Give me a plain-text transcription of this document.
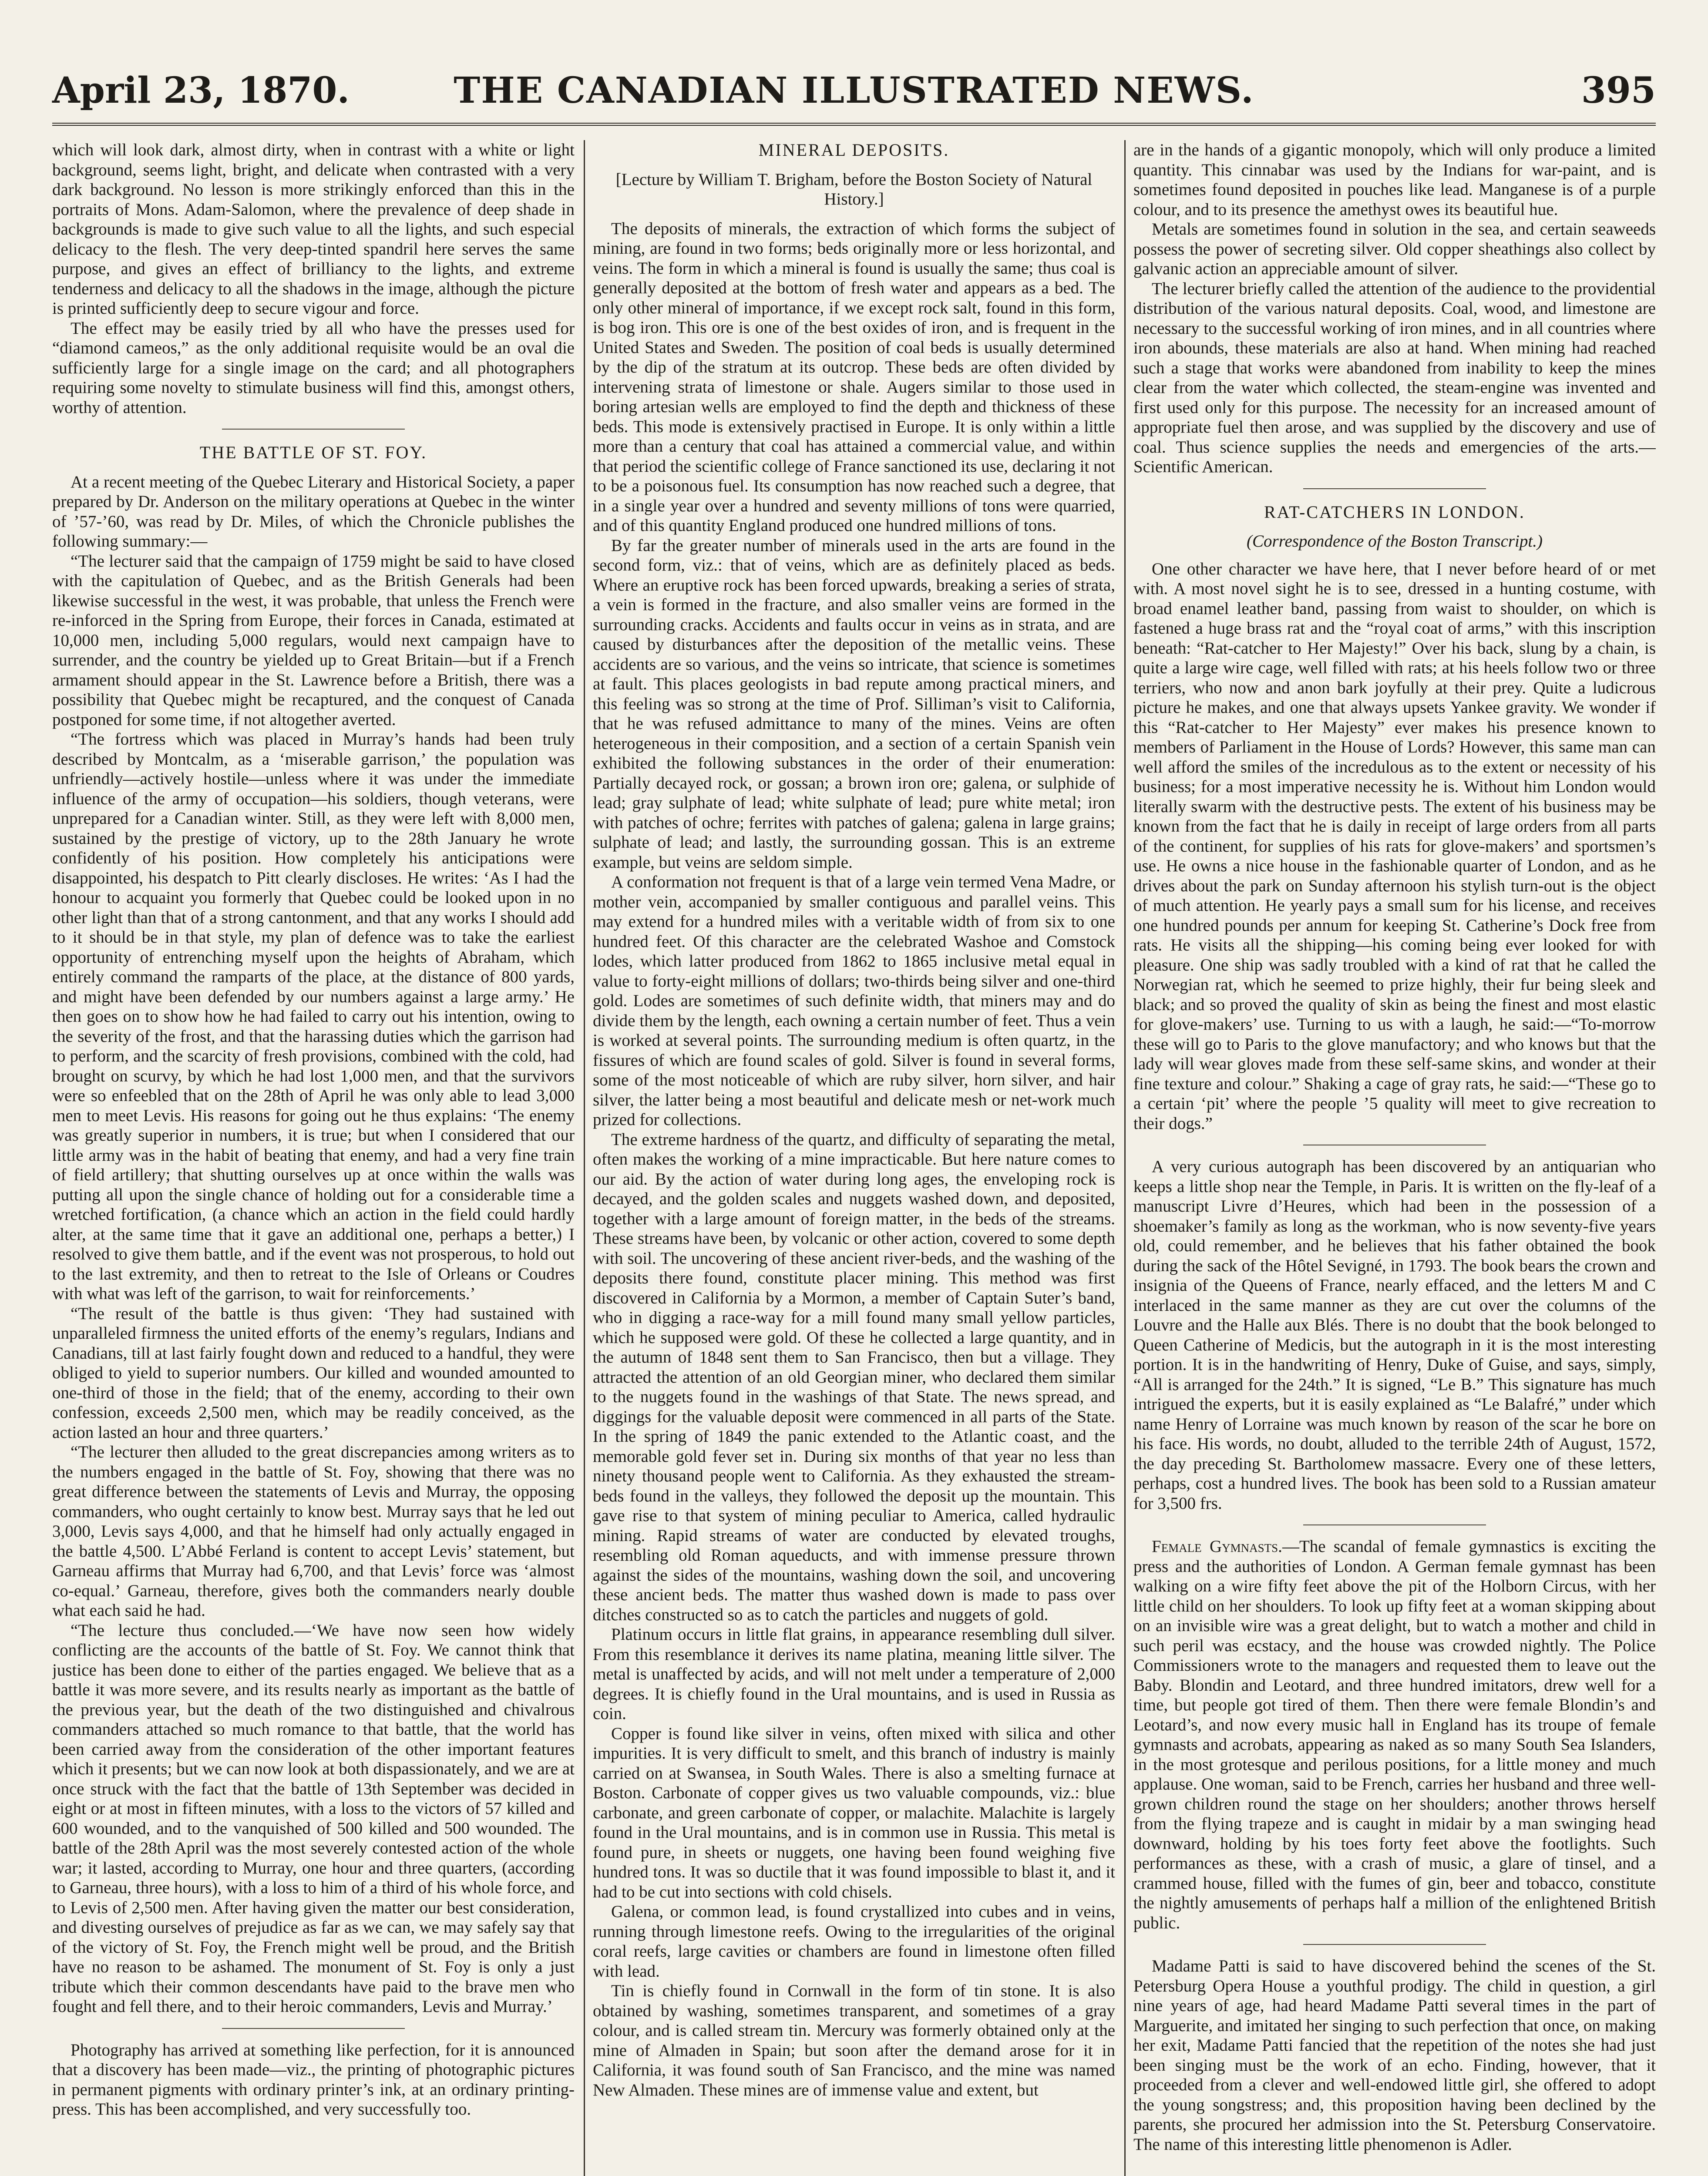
April 23, 1870.	THE CANADIAN ILLUSTRATED NEWS.	395

which will look dark, almost dirty, when in contrast with a white or light background, seems light, bright, and delicate when contrasted with a very dark background. No lesson is more strikingly enforced than this in the portraits of Mons. Adam-Salomon, where the prevalence of deep shade in backgrounds is made to give such value to all the lights, and such especial delicacy to the flesh. The very deep-tinted spandril here serves the same purpose, and gives an effect of brilliancy to the lights, and extreme tenderness and delicacy to all the shadows in the image, although the picture is printed sufficiently deep to secure vigour and force.

The effect may be easily tried by all who have the presses used for “diamond cameos,” as the only additional requisite would be an oval die sufficiently large for a single image on the card; and all photographers requiring some novelty to stimulate business will find this, amongst others, worthy of attention.

THE BATTLE OF ST. FOY.

At a recent meeting of the Quebec Literary and Historical Society, a paper prepared by Dr. Anderson on the military operations at Quebec in the winter of ’57-’60, was read by Dr. Miles, of which the Chronicle publishes the following summary:—

“The lecturer said that the campaign of 1759 might be said to have closed with the capitulation of Quebec, and as the British Generals had been likewise successful in the west, it was probable, that unless the French were re-inforced in the Spring from Europe, their forces in Canada, estimated at 10,000 men, including 5,000 regulars, would next campaign have to surrender, and the country be yielded up to Great Britain—but if a French armament should appear in the St. Lawrence before a British, there was a possibility that Quebec might be recaptured, and the conquest of Canada postponed for some time, if not altogether averted.

“The fortress which was placed in Murray’s hands had been truly described by Montcalm, as a ‘miserable garrison,’ the population was unfriendly—actively hostile—unless where it was under the immediate influence of the army of occupation—his soldiers, though veterans, were unprepared for a Canadian winter. Still, as they were left with 8,000 men, sustained by the prestige of victory, up to the 28th January he wrote confidently of his position. How completely his anticipations were disappointed, his despatch to Pitt clearly discloses. He writes: ‘As I had the honour to acquaint you formerly that Quebec could be looked upon in no other light than that of a strong cantonment, and that any works I should add to it should be in that style, my plan of defence was to take the earliest opportunity of entrenching myself upon the heights of Abraham, which entirely command the ramparts of the place, at the distance of 800 yards, and might have been defended by our numbers against a large army.’ He then goes on to show how he had failed to carry out his intention, owing to the severity of the frost, and that the harassing duties which the garrison had to perform, and the scarcity of fresh provisions, combined with the cold, had brought on scurvy, by which he had lost 1,000 men, and that the survivors were so enfeebled that on the 28th of April he was only able to lead 3,000 men to meet Levis. His reasons for going out he thus explains: ‘The enemy was greatly superior in numbers, it is true; but when I considered that our little army was in the habit of beating that enemy, and had a very fine train of field artillery; that shutting ourselves up at once within the walls was putting all upon the single chance of holding out for a considerable time a wretched fortification, (a chance which an action in the field could hardly alter, at the same time that it gave an additional one, perhaps a better,) I resolved to give them battle, and if the event was not prosperous, to hold out to the last extremity, and then to retreat to the Isle of Orleans or Coudres with what was left of the garrison, to wait for reinforcements.’

“The result of the battle is thus given: ‘They had sustained with unparalleled firmness the united efforts of the enemy’s regulars, Indians and Canadians, till at last fairly fought down and reduced to a handful, they were obliged to yield to superior numbers. Our killed and wounded amounted to one-third of those in the field; that of the enemy, according to their own confession, exceeds 2,500 men, which may be readily conceived, as the action lasted an hour and three quarters.’

“The lecturer then alluded to the great discrepancies among writers as to the numbers engaged in the battle of St. Foy, showing that there was no great difference between the statements of Levis and Murray, the opposing commanders, who ought certainly to know best. Murray says that he led out 3,000, Levis says 4,000, and that he himself had only actually engaged in the battle 4,500. L’Abbé Ferland is content to accept Levis’ statement, but Garneau affirms that Murray had 6,700, and that Levis’ force was ‘almost co-equal.’ Garneau, therefore, gives both the commanders nearly double what each said he had.

“The lecture thus concluded.—‘We have now seen how widely conflicting are the accounts of the battle of St. Foy. We cannot think that justice has been done to either of the parties engaged. We believe that as a battle it was more severe, and its results nearly as important as the battle of the previous year, but the death of the two distinguished and chivalrous commanders attached so much romance to that battle, that the world has been carried away from the consideration of the other important features which it presents; but we can now look at both dispassionately, and we are at once struck with the fact that the battle of 13th September was decided in eight or at most in fifteen minutes, with a loss to the victors of 57 killed and 600 wounded, and to the vanquished of 500 killed and 500 wounded. The battle of the 28th April was the most severely contested action of the whole war; it lasted, according to Murray, one hour and three quarters, (according to Garneau, three hours), with a loss to him of a third of his whole force, and to Levis of 2,500 men. After having given the matter our best consideration, and divesting ourselves of prejudice as far as we can, we may safely say that of the victory of St. Foy, the French might well be proud, and the British have no reason to be ashamed. The monument of St. Foy is only a just tribute which their common descendants have paid to the brave men who fought and fell there, and to their heroic commanders, Levis and Murray.’

Photography has arrived at something like perfection, for it is announced that a discovery has been made—viz., the printing of photographic pictures in permanent pigments with ordinary printer’s ink, at an ordinary printing-press. This has been accomplished, and very successfully too.

MINERAL DEPOSITS.
[Lecture by William T. Brigham, before the Boston Society of Natural History.]

The deposits of minerals, the extraction of which forms the subject of mining, are found in two forms; beds originally more or less horizontal, and veins. The form in which a mineral is found is usually the same; thus coal is generally deposited at the bottom of fresh water and appears as a bed. The only other mineral of importance, if we except rock salt, found in this form, is bog iron. This ore is one of the best oxides of iron, and is frequent in the United States and Sweden. The position of coal beds is usually determined by the dip of the stratum at its outcrop. These beds are often divided by intervening strata of limestone or shale. Augers similar to those used in boring artesian wells are employed to find the depth and thickness of these beds. This mode is extensively practised in Europe. It is only within a little more than a century that coal has attained a commercial value, and within that period the scientific college of France sanctioned its use, declaring it not to be a poisonous fuel. Its consumption has now reached such a degree, that in a single year over a hundred and seventy millions of tons were quarried, and of this quantity England produced one hundred millions of tons.

By far the greater number of minerals used in the arts are found in the second form, viz.: that of veins, which are as definitely placed as beds. Where an eruptive rock has been forced upwards, breaking a series of strata, a vein is formed in the fracture, and also smaller veins are formed in the surrounding cracks. Accidents and faults occur in veins as in strata, and are caused by disturbances after the deposition of the metallic veins. These accidents are so various, and the veins so intricate, that science is sometimes at fault. This places geologists in bad repute among practical miners, and this feeling was so strong at the time of Prof. Silliman’s visit to California, that he was refused admittance to many of the mines. Veins are often heterogeneous in their composition, and a section of a certain Spanish vein exhibited the following substances in the order of their enumeration: Partially decayed rock, or gossan; a brown iron ore; galena, or sulphide of lead; gray sulphate of lead; white sulphate of lead; pure white metal; iron with patches of ochre; ferrites with patches of galena; galena in large grains; sulphate of lead; and lastly, the surrounding gossan. This is an extreme example, but veins are seldom simple.

A conformation not frequent is that of a large vein termed Vena Madre, or mother vein, accompanied by smaller contiguous and parallel veins. This may extend for a hundred miles with a veritable width of from six to one hundred feet. Of this character are the celebrated Washoe and Comstock lodes, which latter produced from 1862 to 1865 inclusive metal equal in value to forty-eight millions of dollars; two-thirds being silver and one-third gold. Lodes are sometimes of such definite width, that miners may and do divide them by the length, each owning a certain number of feet. Thus a vein is worked at several points. The surrounding medium is often quartz, in the fissures of which are found scales of gold. Silver is found in several forms, some of the most noticeable of which are ruby silver, horn silver, and hair silver, the latter being a most beautiful and delicate mesh or net-work much prized for collections.

The extreme hardness of the quartz, and difficulty of separating the metal, often makes the working of a mine impracticable. But here nature comes to our aid. By the action of water during long ages, the enveloping rock is decayed, and the golden scales and nuggets washed down, and deposited, together with a large amount of foreign matter, in the beds of the streams. These streams have been, by volcanic or other action, covered to some depth with soil. The uncovering of these ancient river-beds, and the washing of the deposits there found, constitute placer mining. This method was first discovered in California by a Mormon, a member of Captain Suter’s band, who in digging a race-way for a mill found many small yellow particles, which he supposed were gold. Of these he collected a large quantity, and in the autumn of 1848 sent them to San Francisco, then but a village. They attracted the attention of an old Georgian miner, who declared them similar to the nuggets found in the washings of that State. The news spread, and diggings for the valuable deposit were commenced in all parts of the State. In the spring of 1849 the panic extended to the Atlantic coast, and the memorable gold fever set in. During six months of that year no less than ninety thousand people went to California. As they exhausted the stream-beds found in the valleys, they followed the deposit up the mountain. This gave rise to that system of mining peculiar to America, called hydraulic mining. Rapid streams of water are conducted by elevated troughs, resembling old Roman aqueducts, and with immense pressure thrown against the sides of the mountains, washing down the soil, and uncovering these ancient beds. The matter thus washed down is made to pass over ditches constructed so as to catch the particles and nuggets of gold.

Platinum occurs in little flat grains, in appearance resembling dull silver. From this resemblance it derives its name platina, meaning little silver. The metal is unaffected by acids, and will not melt under a temperature of 2,000 degrees. It is chiefly found in the Ural mountains, and is used in Russia as coin.

Copper is found like silver in veins, often mixed with silica and other impurities. It is very difficult to smelt, and this branch of industry is mainly carried on at Swansea, in South Wales. There is also a smelting furnace at Boston. Carbonate of copper gives us two valuable compounds, viz.: blue carbonate, and green carbonate of copper, or malachite. Malachite is largely found in the Ural mountains, and is in common use in Russia. This metal is found pure, in sheets or nuggets, one having been found weighing five hundred tons. It was so ductile that it was found impossible to blast it, and it had to be cut into sections with cold chisels.

Galena, or common lead, is found crystallized into cubes and in veins, running through limestone reefs. Owing to the irregularities of the original coral reefs, large cavities or chambers are found in limestone often filled with lead.

Tin is chiefly found in Cornwall in the form of tin stone. It is also obtained by washing, sometimes transparent, and sometimes of a gray colour, and is called stream tin. Mercury was formerly obtained only at the mine of Almaden in Spain; but soon after the demand arose for it in California, it was found south of San Francisco, and the mine was named New Almaden. These mines are of immense value and extent, but

are in the hands of a gigantic monopoly, which will only produce a limited quantity. This cinnabar was used by the Indians for war-paint, and is sometimes found deposited in pouches like lead. Manganese is of a purple colour, and to its presence the amethyst owes its beautiful hue.

Metals are sometimes found in solution in the sea, and certain seaweeds possess the power of secreting silver. Old copper sheathings also collect by galvanic action an appreciable amount of silver.

The lecturer briefly called the attention of the audience to the providential distribution of the various natural deposits. Coal, wood, and limestone are necessary to the successful working of iron mines, and in all countries where iron abounds, these materials are also at hand. When mining had reached such a stage that works were abandoned from inability to keep the mines clear from the water which collected, the steam-engine was invented and first used only for this purpose. The necessity for an increased amount of appropriate fuel then arose, and was supplied by the discovery and use of coal. Thus science supplies the needs and emergencies of the arts.—Scientific American.

RAT-CATCHERS IN LONDON.
(Correspondence of the Boston Transcript.)

One other character we have here, that I never before heard of or met with. A most novel sight he is to see, dressed in a hunting costume, with broad enamel leather band, passing from waist to shoulder, on which is fastened a huge brass rat and the “royal coat of arms,” with this inscription beneath: “Rat-catcher to Her Majesty!” Over his back, slung by a chain, is quite a large wire cage, well filled with rats; at his heels follow two or three terriers, who now and anon bark joyfully at their prey. Quite a ludicrous picture he makes, and one that always upsets Yankee gravity. We wonder if this “Rat-catcher to Her Majesty” ever makes his presence known to members of Parliament in the House of Lords? However, this same man can well afford the smiles of the incredulous as to the extent or necessity of his business; for a most imperative necessity he is. Without him London would literally swarm with the destructive pests. The extent of his business may be known from the fact that he is daily in receipt of large orders from all parts of the continent, for supplies of his rats for glove-makers’ and sportsmen’s use. He owns a nice house in the fashionable quarter of London, and as he drives about the park on Sunday afternoon his stylish turn-out is the object of much attention. He yearly pays a small sum for his license, and receives one hundred pounds per annum for keeping St. Catherine’s Dock free from rats. He visits all the shipping—his coming being ever looked for with pleasure. One ship was sadly troubled with a kind of rat that he called the Norwegian rat, which he seemed to prize highly, their fur being sleek and black; and so proved the quality of skin as being the finest and most elastic for glove-makers’ use. Turning to us with a laugh, he said:—“To-morrow these will go to Paris to the glove manufactory; and who knows but that the lady will wear gloves made from these self-same skins, and wonder at their fine texture and colour.” Shaking a cage of gray rats, he said:—“These go to a certain ‘pit’ where the people ’5 quality will meet to give recreation to their dogs.”

A very curious autograph has been discovered by an antiquarian who keeps a little shop near the Temple, in Paris. It is written on the fly-leaf of a manuscript Livre d’Heures, which had been in the possession of a shoemaker’s family as long as the workman, who is now seventy-five years old, could remember, and he believes that his father obtained the book during the sack of the Hôtel Sevigné, in 1793. The book bears the crown and insignia of the Queens of France, nearly effaced, and the letters M and C interlaced in the same manner as they are cut over the columns of the Louvre and the Halle aux Blés. There is no doubt that the book belonged to Queen Catherine of Medicis, but the autograph in it is the most interesting portion. It is in the handwriting of Henry, Duke of Guise, and says, simply, “All is arranged for the 24th.” It is signed, “Le B.” This signature has much intrigued the experts, but it is easily explained as “Le Balafré,” under which name Henry of Lorraine was much known by reason of the scar he bore on his face. His words, no doubt, alluded to the terrible 24th of August, 1572, the day preceding St. Bartholomew massacre. Every one of these letters, perhaps, cost a hundred lives. The book has been sold to a Russian amateur for 3,500 frs.

Female Gymnasts.—The scandal of female gymnastics is exciting the press and the authorities of London. A German female gymnast has been walking on a wire fifty feet above the pit of the Holborn Circus, with her little child on her shoulders. To look up fifty feet at a woman skipping about on an invisible wire was a great delight, but to watch a mother and child in such peril was ecstacy, and the house was crowded nightly. The Police Commissioners wrote to the managers and requested them to leave out the Baby. Blondin and Leotard, and three hundred imitators, drew well for a time, but people got tired of them. Then there were female Blondin’s and Leotard’s, and now every music hall in England has its troupe of female gymnasts and acrobats, appearing as naked as so many South Sea Islanders, in the most grotesque and perilous positions, for a little money and much applause. One woman, said to be French, carries her husband and three well-grown children round the stage on her shoulders; another throws herself from the flying trapeze and is caught in midair by a man swinging head downward, holding by his toes forty feet above the footlights. Such performances as these, with a crash of music, a glare of tinsel, and a crammed house, filled with the fumes of gin, beer and tobacco, constitute the nightly amusements of perhaps half a million of the enlightened British public.

Madame Patti is said to have discovered behind the scenes of the St. Petersburg Opera House a youthful prodigy. The child in question, a girl nine years of age, had heard Madame Patti several times in the part of Marguerite, and imitated her singing to such perfection that once, on making her exit, Madame Patti fancied that the repetition of the notes she had just been singing must be the work of an echo. Finding, however, that it proceeded from a clever and well-endowed little girl, she offered to adopt the young songstress; and, this proposition having been declined by the parents, she procured her admission into the St. Petersburg Conservatoire. The name of this interesting little phenomenon is Adler.
